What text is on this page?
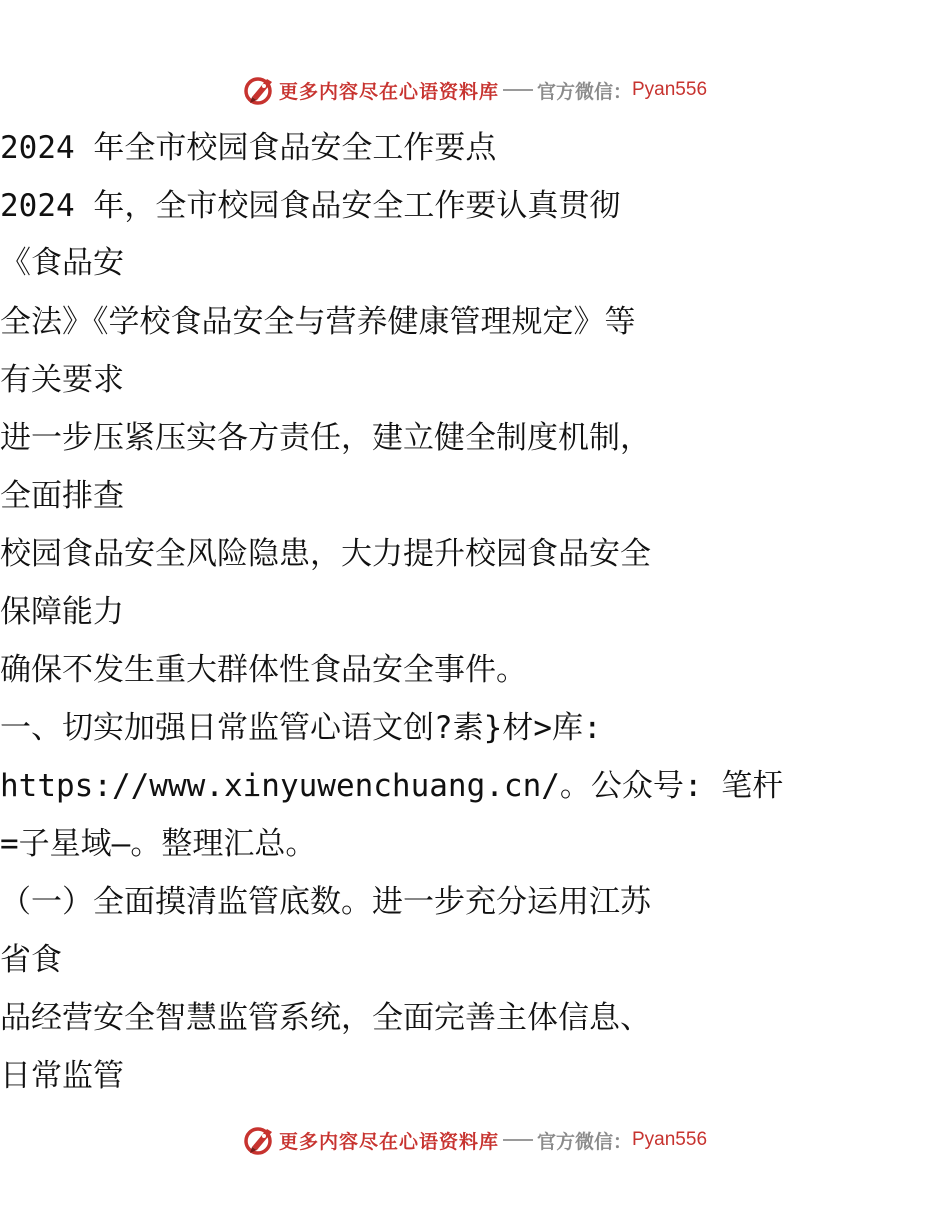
更多内容尽在心语资料库 官方微信： Pyan556
2024 年全市校园食品安全工作要点
2024 年，全市校园食品安全工作要认真贯彻
《食品安
全法》《学校食品安全与营养健康管理规定》等
有关要求
进一步压紧压实各方责任，建立健全制度机制，
全面排查
校园食品安全风险隐患，大力提升校园食品安全
保障能力
确保不发生重大群体性食品安全事件。
一、切实加强日常监管心语文创?素}材>库:
https://www.xinyuwenchuang.cn/。公众号: 笔杆
=子星域—。整理汇总。
（一）全面摸清监管底数。进一步充分运用江苏
省食
品经营安全智慧监管系统，全面完善主体信息、
日常监管
更多内容尽在心语资料库 官方微信： Pyan556
